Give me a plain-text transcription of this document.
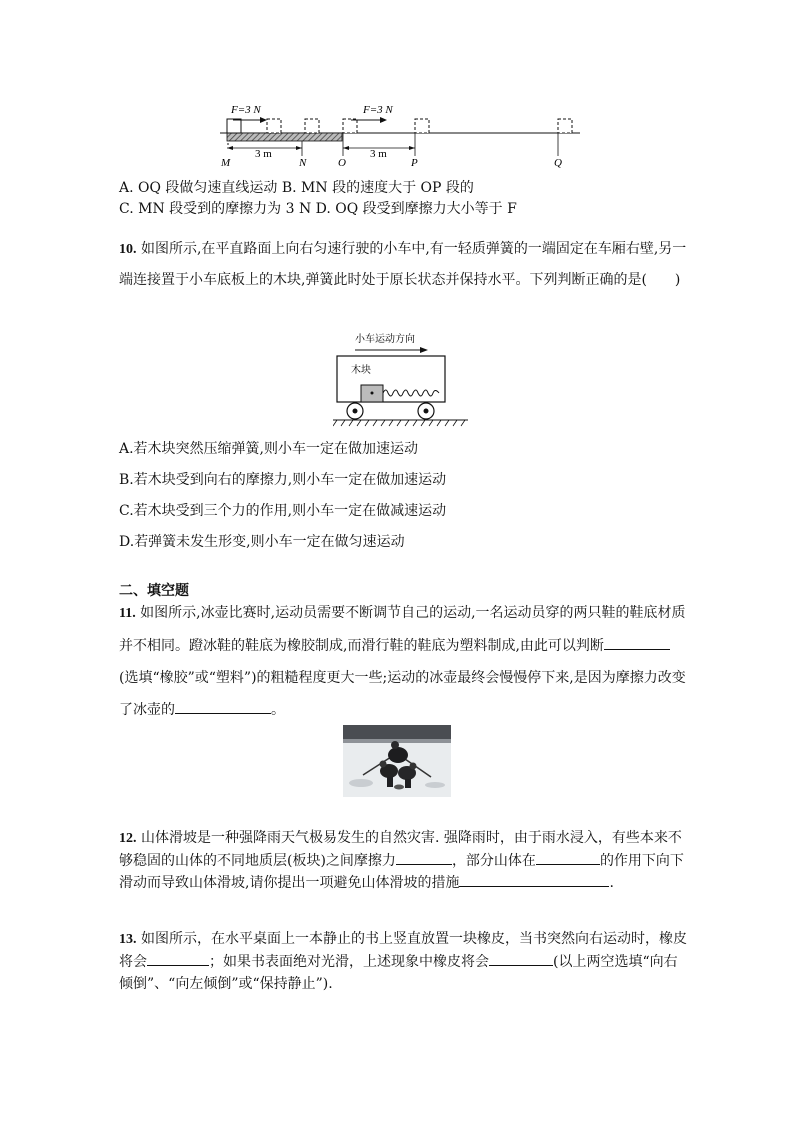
F=3 N	F=3 N
3 m	3 m
M	N	O	P	Q
A. OQ 段做匀速直线运动 B. MN 段的速度大于 OP 段的
C. MN 段受到的摩擦力为 3 N D. OQ 段受到摩擦力大小等于 F
10. 如图所示,在平直路面上向右匀速行驶的小车中,有一轻质弹簧的一端固定在车厢右壁,另一端连接置于小车底板上的木块,弹簧此时处于原长状态并保持水平。下列判断正确的是(　　)
小车运动方向
木块
A.若木块突然压缩弹簧,则小车一定在做加速运动
B.若木块受到向右的摩擦力,则小车一定在做加速运动
C.若木块受到三个力的作用,则小车一定在做减速运动
D.若弹簧未发生形变,则小车一定在做匀速运动
二、填空题
11. 如图所示,冰壶比赛时,运动员需要不断调节自己的运动,一名运动员穿的两只鞋的鞋底材质并不相同。蹬冰鞋的鞋底为橡胶制成,而滑行鞋的鞋底为塑料制成,由此可以判断(选填“橡胶”或“塑料”)的粗糙程度更大一些;运动的冰壶最终会慢慢停下来,是因为摩擦力改变了冰壶的	。
12. 山体滑坡是一种强降雨天气极易发生的自然灾害. 强降雨时，由于雨水浸入，有些本来不够稳固的山体的不同地质层(板块)之间摩擦力	，部分山体在	的作用下向下滑动而导致山体滑坡,请你提出一项避免山体滑坡的措施	.
13. 如图所示，在水平桌面上一本静止的书上竖直放置一块橡皮，当书突然向右运动时，橡皮将会	；如果书表面绝对光滑，上述现象中橡皮将会	(以上两空选填“向右倾倒”、“向左倾倒”或“保持静止”).
